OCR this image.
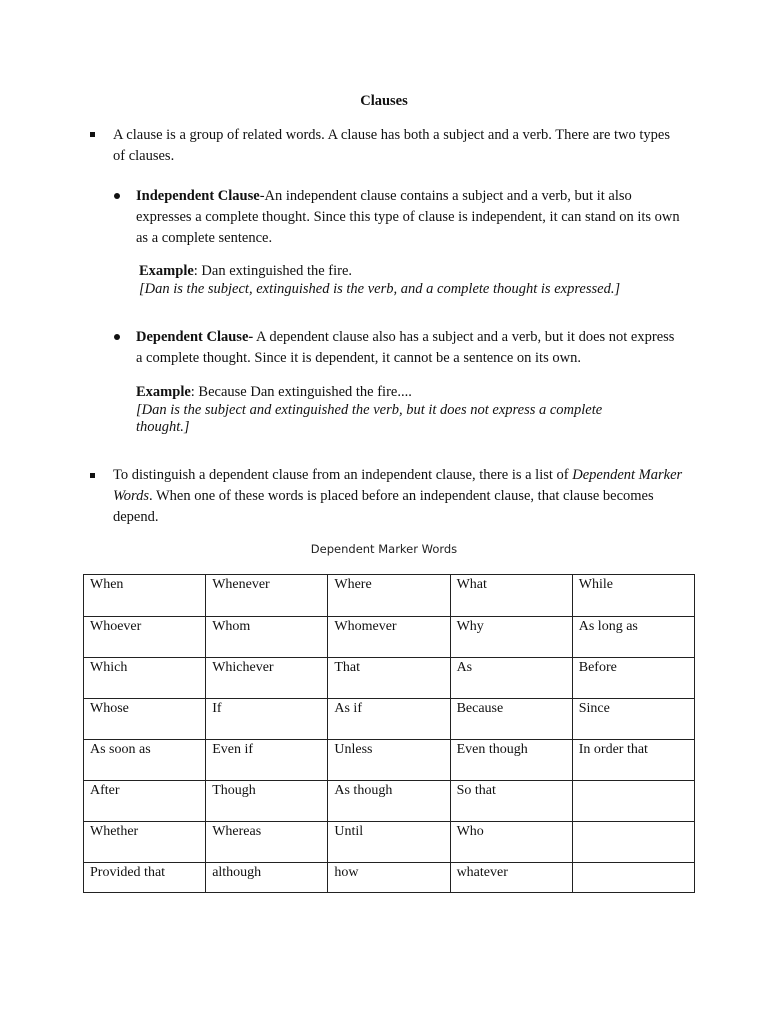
Clauses

A clause is a group of related words. A clause has both a subject and a verb. There are two types of clauses.

Independent Clause-An independent clause contains a subject and a verb, but it also expresses a complete thought. Since this type of clause is independent, it can stand on its own as a complete sentence.

Example: Dan extinguished the fire.
[Dan is the subject, extinguished is the verb, and a complete thought is expressed.]

Dependent Clause- A dependent clause also has a subject and a verb, but it does not express a complete thought. Since it is dependent, it cannot be a sentence on its own.

Example: Because Dan extinguished the fire....
[Dan is the subject and extinguished the verb, but it does not express a complete thought.]

To distinguish a dependent clause from an independent clause, there is a list of Dependent Marker Words. When one of these words is placed before an independent clause, that clause becomes depend.

Dependent Marker Words
When	Whenever	Where	What	While
Whoever	Whom	Whomever	Why	As long as
Which	Whichever	That	As	Before
Whose	If	As if	Because	Since
As soon as	Even if	Unless	Even though	In order that
After	Though	As though	So that	
Whether	Whereas	Until	Who	
Provided that	although	how	whatever	
